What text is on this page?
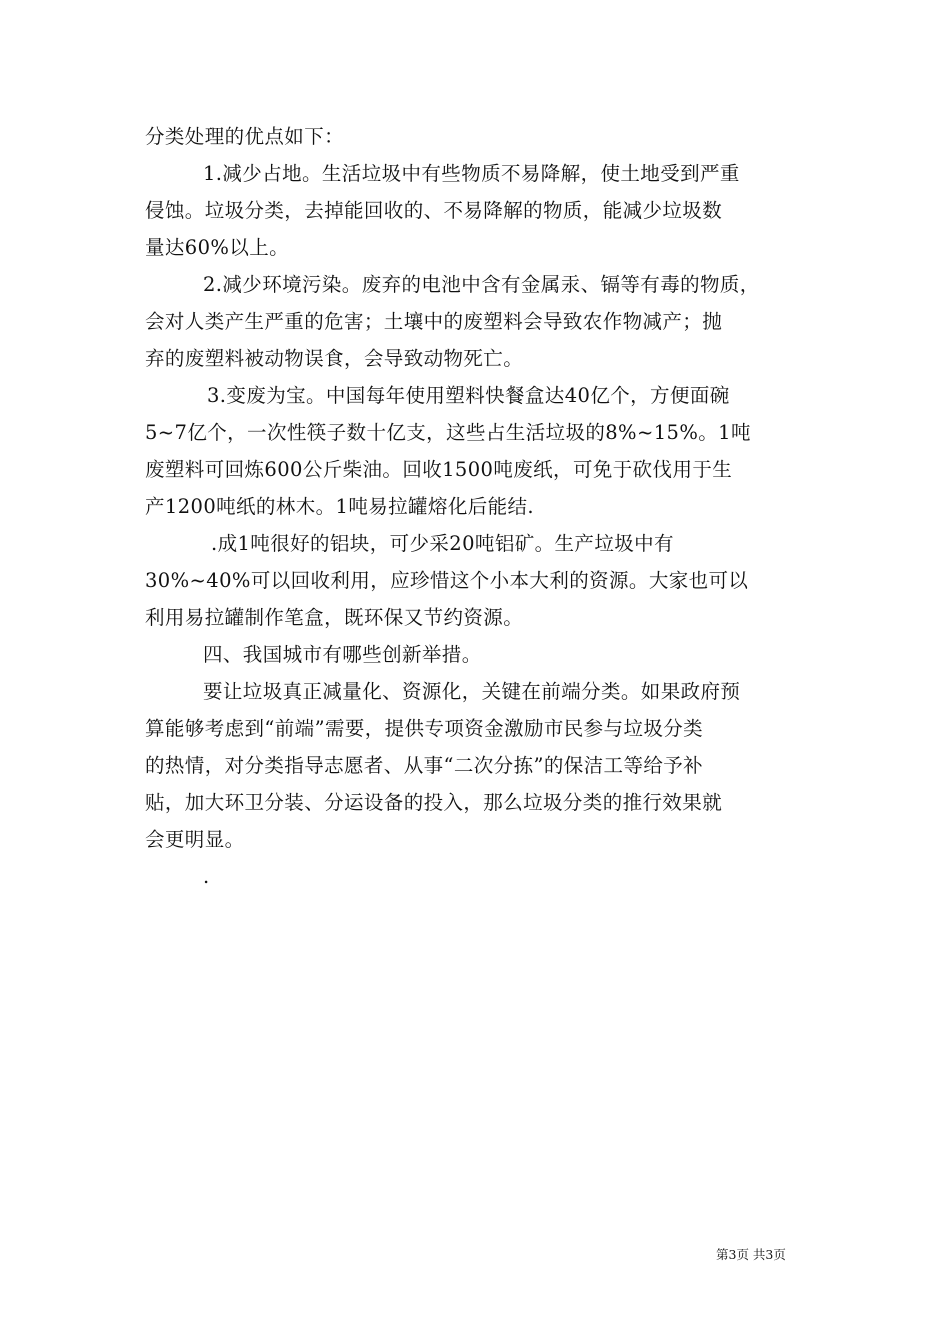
分类处理的优点如下：
1.减少占地。生活垃圾中有些物质不易降解，使土地受到严重
侵蚀。垃圾分类，去掉能回收的、不易降解的物质，能减少垃圾数
量达60%以上。
2.减少环境污染。废弃的电池中含有金属汞、镉等有毒的物质，
会对人类产生严重的危害；土壤中的废塑料会导致农作物减产；抛
弃的废塑料被动物误食，会导致动物死亡。
3.变废为宝。中国每年使用塑料快餐盒达40亿个，方便面碗
5~7亿个，一次性筷子数十亿支，这些占生活垃圾的8%~15%。1吨
废塑料可回炼600公斤柴油。回收1500吨废纸，可免于砍伐用于生
产1200吨纸的林木。1吨易拉罐熔化后能结.
.成1吨很好的铝块，可少采20吨铝矿。生产垃圾中有
30%~40%可以回收利用，应珍惜这个小本大利的资源。大家也可以
利用易拉罐制作笔盒，既环保又节约资源。
四、我国城市有哪些创新举措。
要让垃圾真正减量化、资源化，关键在前端分类。如果政府预
算能够考虑到“前端”需要，提供专项资金激励市民参与垃圾分类
的热情，对分类指导志愿者、从事“二次分拣”的保洁工等给予补
贴，加大环卫分装、分运设备的投入，那么垃圾分类的推行效果就
会更明显。
.
第3页 共3页
